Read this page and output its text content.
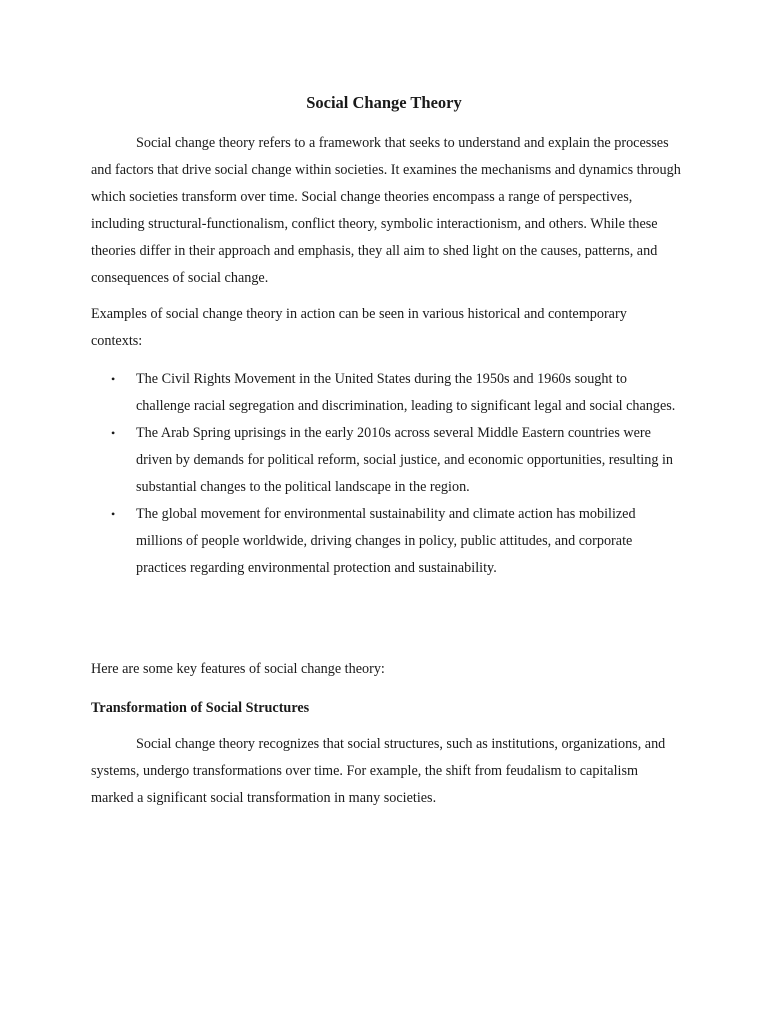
Social Change Theory

Social change theory refers to a framework that seeks to understand and explain the processes and factors that drive social change within societies. It examines the mechanisms and dynamics through which societies transform over time. Social change theories encompass a range of perspectives, including structural-functionalism, conflict theory, symbolic interactionism, and others. While these theories differ in their approach and emphasis, they all aim to shed light on the causes, patterns, and consequences of social change.

Examples of social change theory in action can be seen in various historical and contemporary contexts:

• The Civil Rights Movement in the United States during the 1950s and 1960s sought to challenge racial segregation and discrimination, leading to significant legal and social changes.
• The Arab Spring uprisings in the early 2010s across several Middle Eastern countries were driven by demands for political reform, social justice, and economic opportunities, resulting in substantial changes to the political landscape in the region.
• The global movement for environmental sustainability and climate action has mobilized millions of people worldwide, driving changes in policy, public attitudes, and corporate practices regarding environmental protection and sustainability.

Here are some key features of social change theory:

Transformation of Social Structures

Social change theory recognizes that social structures, such as institutions, organizations, and systems, undergo transformations over time. For example, the shift from feudalism to capitalism marked a significant social transformation in many societies.
